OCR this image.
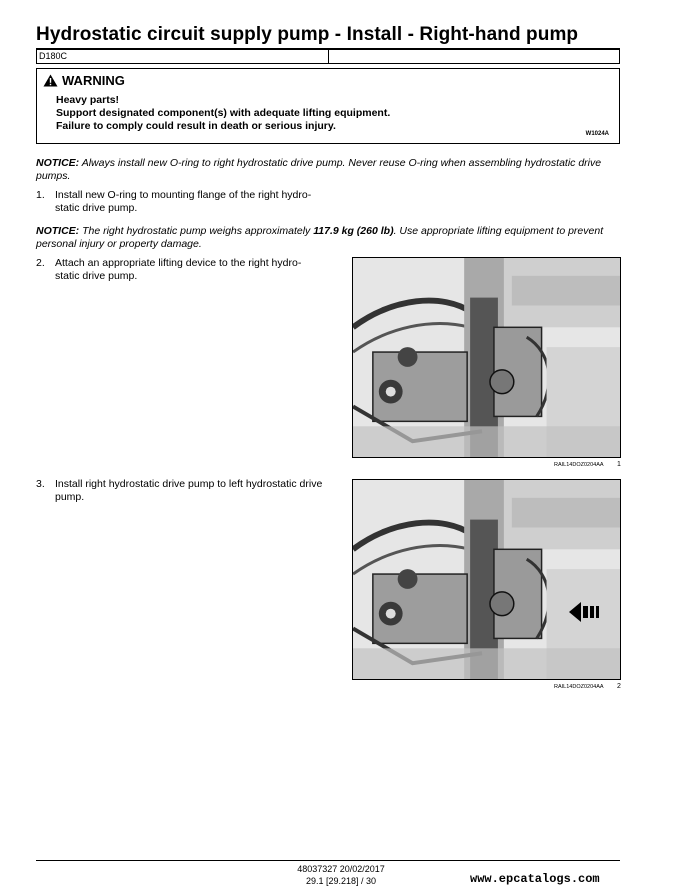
Hydrostatic circuit supply pump - Install - Right-hand pump
D180C
WARNING
Heavy parts!
Support designated component(s) with adequate lifting equipment.
Failure to comply could result in death or serious injury.
W1024A
NOTICE: Always install new O-ring to right hydrostatic drive pump. Never reuse O-ring when assembling hydrostatic drive pumps.
1. Install new O-ring to mounting flange of the right hydro-static drive pump.
NOTICE: The right hydrostatic pump weighs approximately 117.9 kg (260 lb). Use appropriate lifting equipment to prevent personal injury or property damage.
2. Attach an appropriate lifting device to the right hydro-static drive pump.
RAIL14DOZ0204AA 1
3. Install right hydrostatic drive pump to left hydrostatic drive pump.
RAIL14DOZ0204AA 2
48037327 20/02/2017
29.1 [29.218] / 30	www.epcatalogs.com
